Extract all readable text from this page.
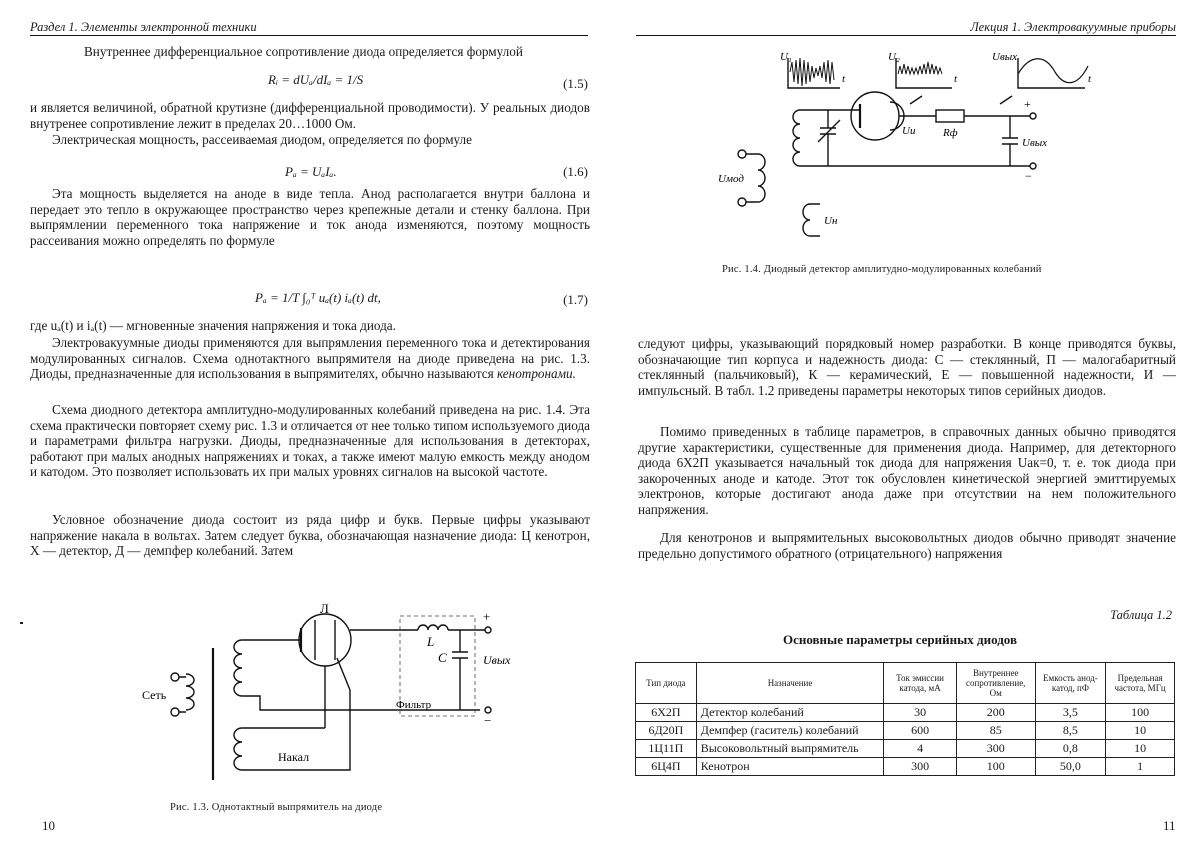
Раздел 1. Элементы электронной техники
Внутреннее дифференциальное сопротивление диода определяется формулой
Rᵢ = dUₐ/dIₐ = 1/S	(1.5)
и является величиной, обратной крутизне (дифференциальной проводимости). У реальных диодов внутренее сопротивление лежит в пределах 20…1000 Ом.

Электрическая мощность, рассеиваемая диодом, определяется по формуле

Pₐ = UₐIₐ.	(1.6)

Эта мощность выделяется на аноде в виде тепла. Анод располагается внутри баллона и передает это тепло в окружающее пространство через крепежные детали и стенку баллона. При выпрямлении переменного тока напряжение и ток анода изменяются, поэтому мощность рассеивания можно определять по формуле

Pₐ = 1/T ∫₀ᵀ uₐ(t) iₐ(t) dt,	(1.7)
где uₐ(t) и iₐ(t) — мгновенные значения напряжения и тока диода.

Электровакуумные диоды применяются для выпрямления переменного тока и детектирования модулированных сигналов. Схема однотактного выпрямителя на диоде приведена на рис. 1.3. Диоды, предназначенные для использования в выпрямителях, обычно называются кенотронами.

Схема диодного детектора амплитудно-модулированных колебаний приведена на рис. 1.4. Эта схема практически повторяет схему рис. 1.3 и отличается от нее только типом используемого диода и параметрами фильтра нагрузки. Диоды, предназначенные для использования в детекторах, работают при малых анодных напряжениях и токах, а также имеют малую емкость между анодом и катодом. Это позволяет использовать их при малых уровнях сигналов на высокой частоте.

Условное обозначение диода состоит из ряда цифр и букв. Первые цифры указывают напряжение накала в вольтах. Затем следует буква, обозначающая назначение диода: Ц кенотрон, Х — детектор, Д — демпфер колебаний. Затем

Л
L
C	Uвых
+
−
Сеть
Фильтр
Накал
Рис. 1.3. Однотактный выпрямитель на диоде
10
Лекция 1. Электровакуумные приборы
U₁	U₂	Uвых
t	t	t
Uи	Rф
Uвых
+
−
Uмод
Uн
Рис. 1.4. Диодный детектор амплитудно-модулированных колебаний
следуют цифры, указывающий порядковый номер разработки. В конце приводятся буквы, обозначающие тип корпуса и надежность диода: С — стеклянный, П — малогабаритный стеклянный (пальчиковый), К — керамический, Е — повышенной надежности, И — импульсный. В табл. 1.2 приведены параметры некоторых типов серийных диодов.

Помимо приведенных в таблице параметров, в справочных данных обычно приводятся другие характеристики, существенные для применения диода. Например, для детекторного диода 6Х2П указывается начальный ток диода для напряжения Uак=0, т. е. ток диода при закороченных аноде и катоде. Этот ток обусловлен кинетической энергией эмиттируемых электронов, которые достигают анода даже при отсутствии на нем положительного напряжения.

Для кенотронов и выпрямительных высоковольтных диодов обычно приводят значение предельно допустимого обратного (отрицательного) напряжения

Таблица 1.2
Основные параметры серийных диодов
Тип диода	Назначение	Ток эмиссии катода, мА	Внутреннее сопротивление, Ом	Емкость анод-катод, пФ	Предельная частота, МГц
6Х2П	Детектор колебаний	30	200	3,5	100
6Д20П	Демпфер (гаситель) колебаний	600	85	8,5	10
1Ц11П	Высоковольтный выпрямитель	4	300	0,8	10
6Ц4П	Кенотрон	300	100	50,0	1
11
